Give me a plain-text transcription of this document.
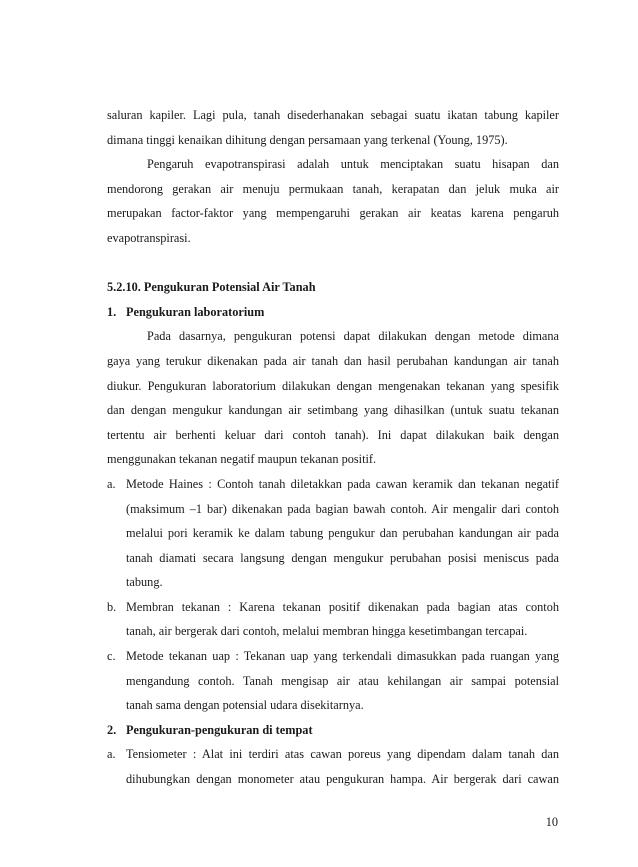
saluran kapiler. Lagi pula, tanah disederhanakan sebagai suatu ikatan tabung kapiler
dimana tinggi kenaikan dihitung dengan persamaan yang terkenal (Young, 1975).
Pengaruh evapotranspirasi adalah untuk menciptakan suatu hisapan dan
mendorong gerakan air menuju permukaan tanah, kerapatan dan jeluk muka air
merupakan factor-faktor yang mempengaruhi gerakan air keatas karena pengaruh
evapotranspirasi.
5.2.10. Pengukuran Potensial Air Tanah
1. Pengukuran laboratorium
Pada dasarnya, pengukuran potensi dapat dilakukan dengan metode dimana
gaya yang terukur dikenakan pada air tanah dan hasil perubahan kandungan air tanah
diukur. Pengukuran laboratorium dilakukan dengan mengenakan tekanan yang spesifik
dan dengan mengukur kandungan air setimbang yang dihasilkan (untuk suatu tekanan
tertentu air berhenti keluar dari contoh tanah). Ini dapat dilakukan baik dengan
menggunakan tekanan negatif maupun tekanan positif.
a. Metode Haines : Contoh tanah diletakkan pada cawan keramik dan tekanan negatif
(maksimum –1 bar) dikenakan pada bagian bawah contoh. Air mengalir dari contoh
melalui pori keramik ke dalam tabung pengukur dan perubahan kandungan air pada
tanah diamati secara langsung dengan mengukur perubahan posisi meniscus pada
tabung.
b. Membran tekanan : Karena tekanan positif dikenakan pada bagian atas contoh
tanah, air bergerak dari contoh, melalui membran hingga kesetimbangan tercapai.
c. Metode tekanan uap : Tekanan uap yang terkendali dimasukkan pada ruangan yang
mengandung contoh. Tanah mengisap air atau kehilangan air sampai potensial
tanah sama dengan potensial udara disekitarnya.
2. Pengukuran-pengukuran di tempat
a. Tensiometer : Alat ini terdiri atas cawan poreus yang dipendam dalam tanah dan
dihubungkan dengan monometer atau pengukuran hampa. Air bergerak dari cawan
10
